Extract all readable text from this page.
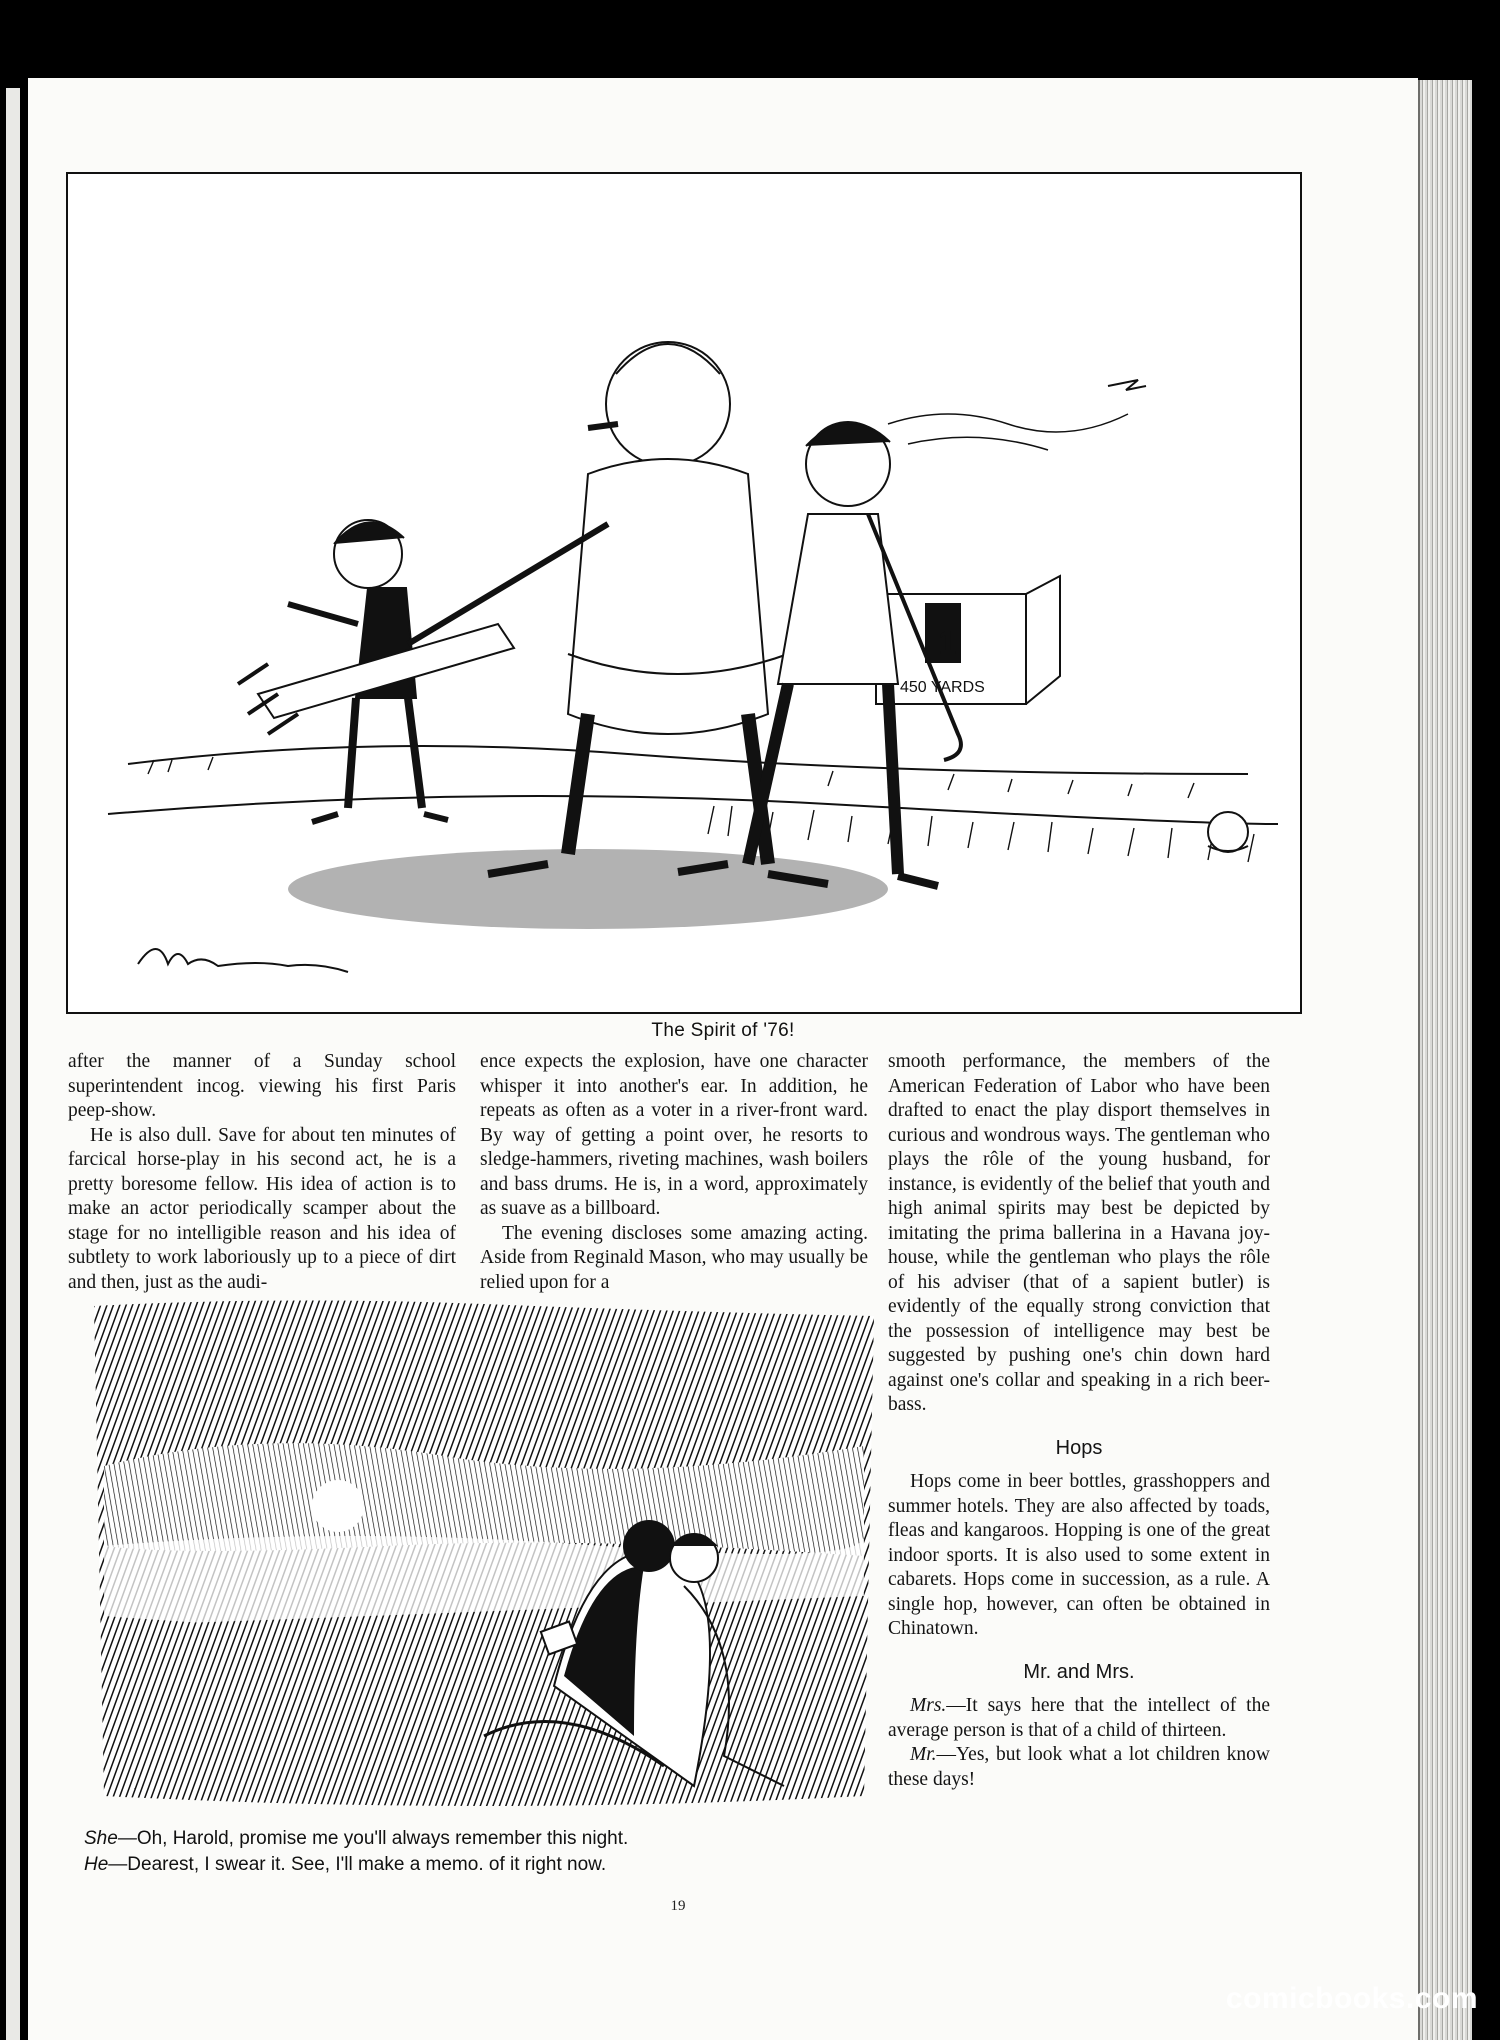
1
450 YARDS
The Spirit of '76!

after the manner of a Sunday school superintendent incog. viewing his first Paris peep-show.

He is also dull. Save for about ten minutes of farcical horse-play in his second act, he is a pretty boresome fellow. His idea of action is to make an actor periodically scamper about the stage for no intelligible reason and his idea of subtlety to work laboriously up to a piece of dirt and then, just as the audi-

ence expects the explosion, have one character whisper it into another's ear. In addition, he repeats as often as a voter in a river-front ward. By way of getting a point over, he resorts to sledge-hammers, riveting machines, wash boilers and bass drums. He is, in a word, approximately as suave as a billboard.

The evening discloses some amazing acting. Aside from Reginald Mason, who may usually be relied upon for a

smooth performance, the members of the American Federation of Labor who have been drafted to enact the play disport themselves in curious and wondrous ways. The gentleman who plays the rôle of the young husband, for instance, is evidently of the belief that youth and high animal spirits may best be depicted by imitating the prima ballerina in a Havana joy-house, while the gentleman who plays the rôle of his adviser (that of a sapient butler) is evidently of the equally strong conviction that the possession of intelligence may best be suggested by pushing one's chin down hard against one's collar and speaking in a rich beer-bass.

Hops

Hops come in beer bottles, grasshoppers and summer hotels. They are also affected by toads, fleas and kangaroos. Hopping is one of the great indoor sports. It is also used to some extent in cabarets. Hops come in succession, as a rule. A single hop, however, can often be obtained in Chinatown.

Mr. and Mrs.

Mrs.—It says here that the intellect of the average person is that of a child of thirteen.

Mr.—Yes, but look what a lot children know these days!

She—Oh, Harold, promise me you'll always remember this night.
He—Dearest, I swear it. See, I'll make a memo. of it right now.
19
comicbooks.com
